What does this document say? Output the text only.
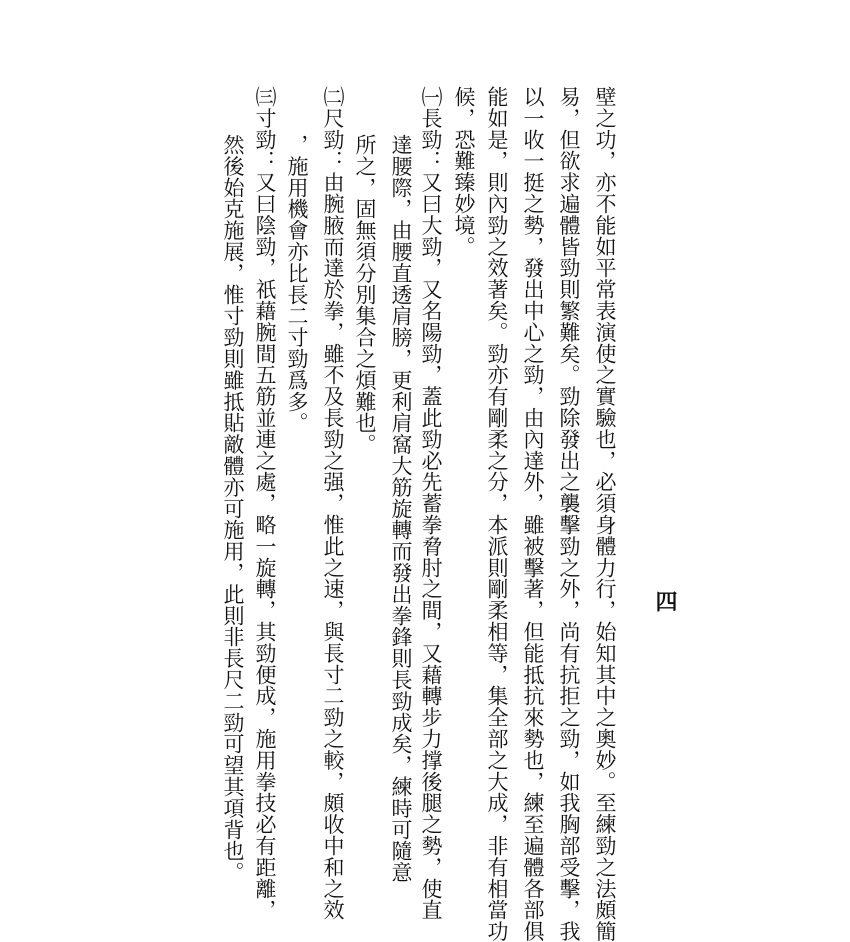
四
壁之功，亦不能如平常表演使之實驗也，必須身體力行，始知其中之奧妙。至練勁之法頗簡
易，但欲求遍體皆勁則繁難矣。勁除發出之襲擊勁之外，尚有抗拒之勁，如我胸部受擊，我
以一收一挺之勢，發出中心之勁，由內達外，雖被擊著，但能抵抗來勢也，練至遍體各部俱
能如是，則內勁之效著矣。勁亦有剛柔之分，本派則剛柔相等，集全部之大成，非有相當功
候，恐難臻妙境。
㈠長勁：又曰大勁，又名陽勁，蓋此勁必先蓄拳脅肘之間，又藉轉步力撑後腿之勢，使直
達腰際，由腰直透肩膀，更利肩窩大筋旋轉而發出拳鋒則長勁成矣，練時可隨意
所之，固無須分別集合之煩難也。
㈡尺勁：由腕腋而達於拳，雖不及長勁之强，惟此之速，與長寸二勁之較，頗收中和之效
，施用機會亦比長二寸勁爲多。
㈢寸勁：又曰陰勁，祇藉腕間五筋並連之處，略一旋轉，其勁便成，施用拳技必有距離，
然後始克施展，惟寸勁則雖抵貼敵體亦可施用，此則非長尺二勁可望其項背也。
